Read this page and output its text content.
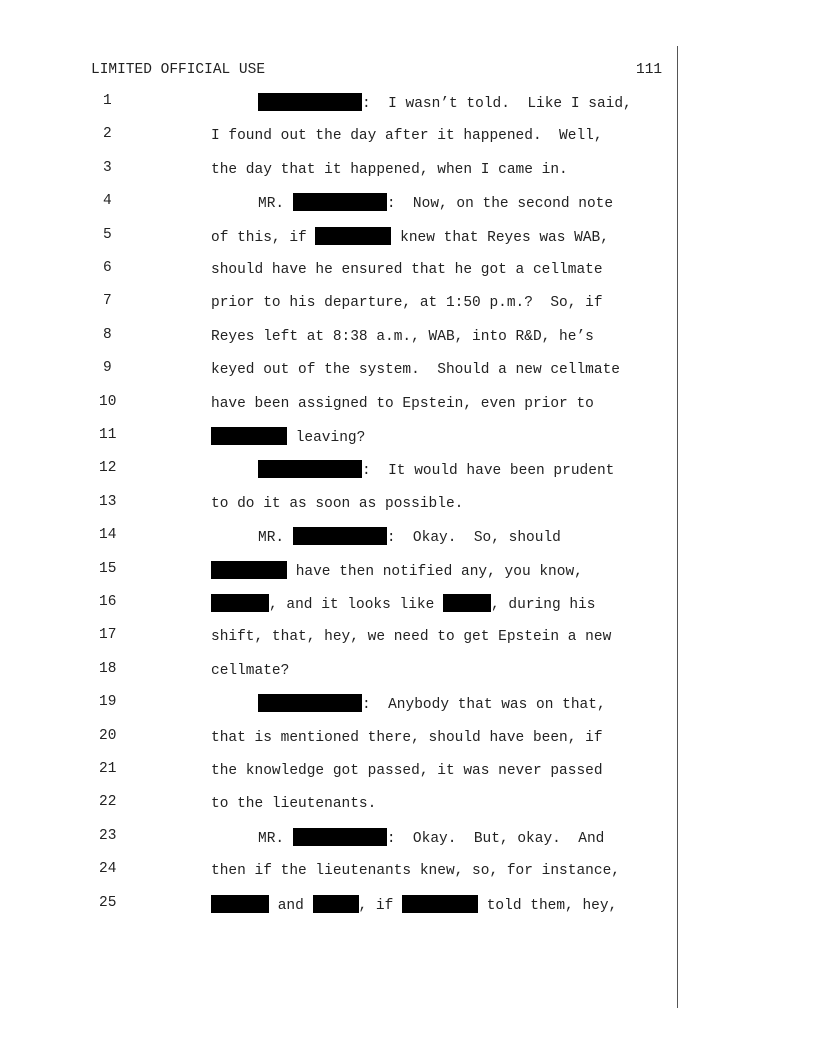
LIMITED OFFICIAL USE	111
1	:  I wasn’t told.  Like I said,
2	I found out the day after it happened.  Well,
3	the day that it happened, when I came in.
4	MR.	:  Now, on the second note
5	of this, if	knew that Reyes was WAB,
6	should have he ensured that he got a cellmate
7	prior to his departure, at 1:50 p.m.?  So, if
8	Reyes left at 8:38 a.m., WAB, into R&D, he’s
9	keyed out of the system.  Should a new cellmate
10	have been assigned to Epstein, even prior to
11	leaving?
12	:  It would have been prudent
13	to do it as soon as possible.
14	MR.	:  Okay.  So, should
15	have then notified any, you know,
16	, and it looks like	, during his
17	shift, that, hey, we need to get Epstein a new
18	cellmate?
19	:  Anybody that was on that,
20	that is mentioned there, should have been, if
21	the knowledge got passed, it was never passed
22	to the lieutenants.
23	MR.	:  Okay.  But, okay.  And
24	then if the lieutenants knew, so, for instance,
25	and	, if	told them, hey,
